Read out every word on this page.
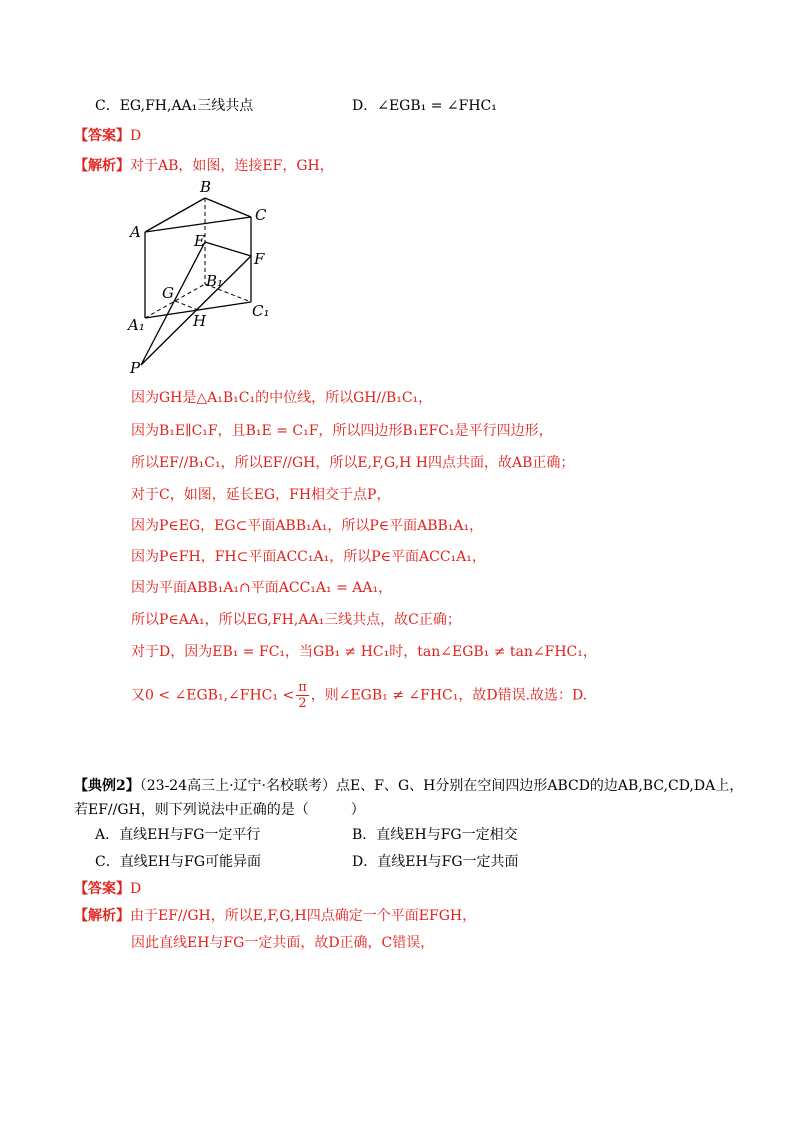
C．EG,FH,AA₁三线共点	D．∠EGB₁ = ∠FHC₁
【答案】D
【解析】对于AB，如图，连接EF，GH，
B
C
A	E
F
B₁
G
A₁	H
C₁
P
因为GH是△A₁B₁C₁的中位线，所以GH//B₁C₁，
因为B₁E∥C₁F，且B₁E = C₁F，所以四边形B₁EFC₁是平行四边形，
所以EF//B₁C₁，所以EF//GH，所以E,F,G,H H四点共面，故AB正确；
对于C，如图，延长EG，FH相交于点P，
因为P∈EG，EG⊂平面ABB₁A₁，所以P∈平面ABB₁A₁，
因为P∈FH，FH⊂平面ACC₁A₁，所以P∈平面ACC₁A₁，
因为平面ABB₁A₁∩平面ACC₁A₁ = AA₁，
所以P∈AA₁，所以EG,FH,AA₁三线共点，故C正确；
对于D，因为EB₁ = FC₁，当GB₁ ≠ HC₁时，tan∠EGB₁ ≠ tan∠FHC₁，
又0 < ∠EGB₁,∠FHC₁ < $\frac{\pi}{2}$ ，则∠EGB₁ ≠ ∠FHC₁，故D错误.故选：D.
【典例2】（23-24高三上·辽宁·名校联考）点E、F、G、H分别在空间四边形ABCD的边AB,BC,CD,DA上，
若EF//GH，则下列说法中正确的是（　　　）
A．直线EH与FG一定平行	B．直线EH与FG一定相交
C．直线EH与FG可能异面	D．直线EH与FG一定共面
【答案】D
【解析】由于EF//GH，所以E,F,G,H四点确定一个平面EFGH，
因此直线EH与FG一定共面，故D正确，C错误，
